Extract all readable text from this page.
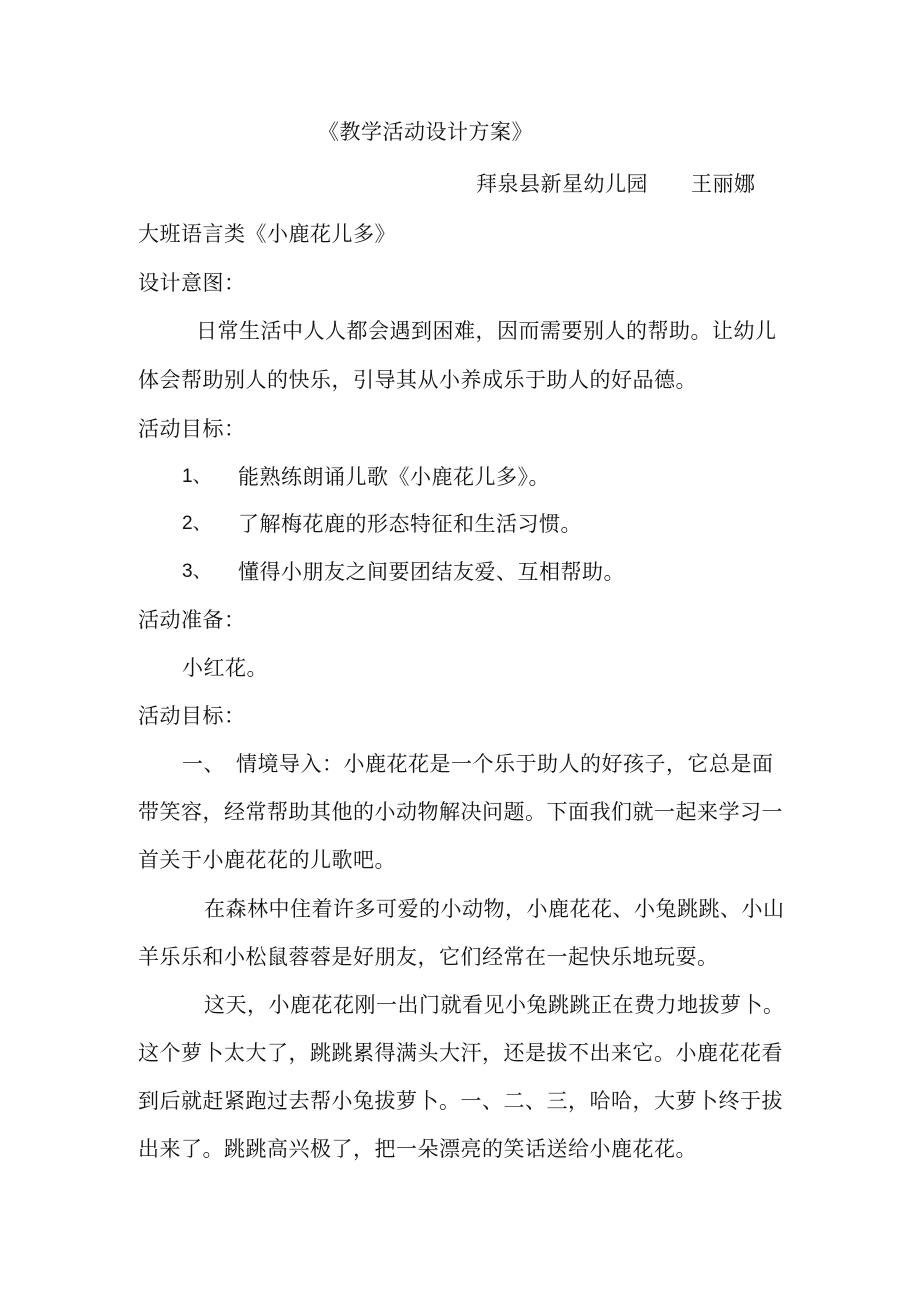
《教学活动设计方案》
拜泉县新星幼儿园　　王丽娜
大班语言类《小鹿花儿多》
设计意图：
日常生活中人人都会遇到困难，因而需要别人的帮助。让幼儿
体会帮助别人的快乐，引导其从小养成乐于助人的好品德。
活动目标：
1、 能熟练朗诵儿歌《小鹿花儿多》。
2、 了解梅花鹿的形态特征和生活习惯。
3、 懂得小朋友之间要团结友爱、互相帮助。
活动准备：
小红花。
活动目标：
一、 情境导入：小鹿花花是一个乐于助人的好孩子，它总是面
带笑容，经常帮助其他的小动物解决问题。下面我们就一起来学习一
首关于小鹿花花的儿歌吧。
在森林中住着许多可爱的小动物，小鹿花花、小兔跳跳、小山
羊乐乐和小松鼠蓉蓉是好朋友，它们经常在一起快乐地玩耍。
这天，小鹿花花刚一出门就看见小兔跳跳正在费力地拔萝卜。
这个萝卜太大了，跳跳累得满头大汗，还是拔不出来它。小鹿花花看
到后就赶紧跑过去帮小兔拔萝卜。一、二、三，哈哈，大萝卜终于拔
出来了。跳跳高兴极了，把一朵漂亮的笑话送给小鹿花花。
